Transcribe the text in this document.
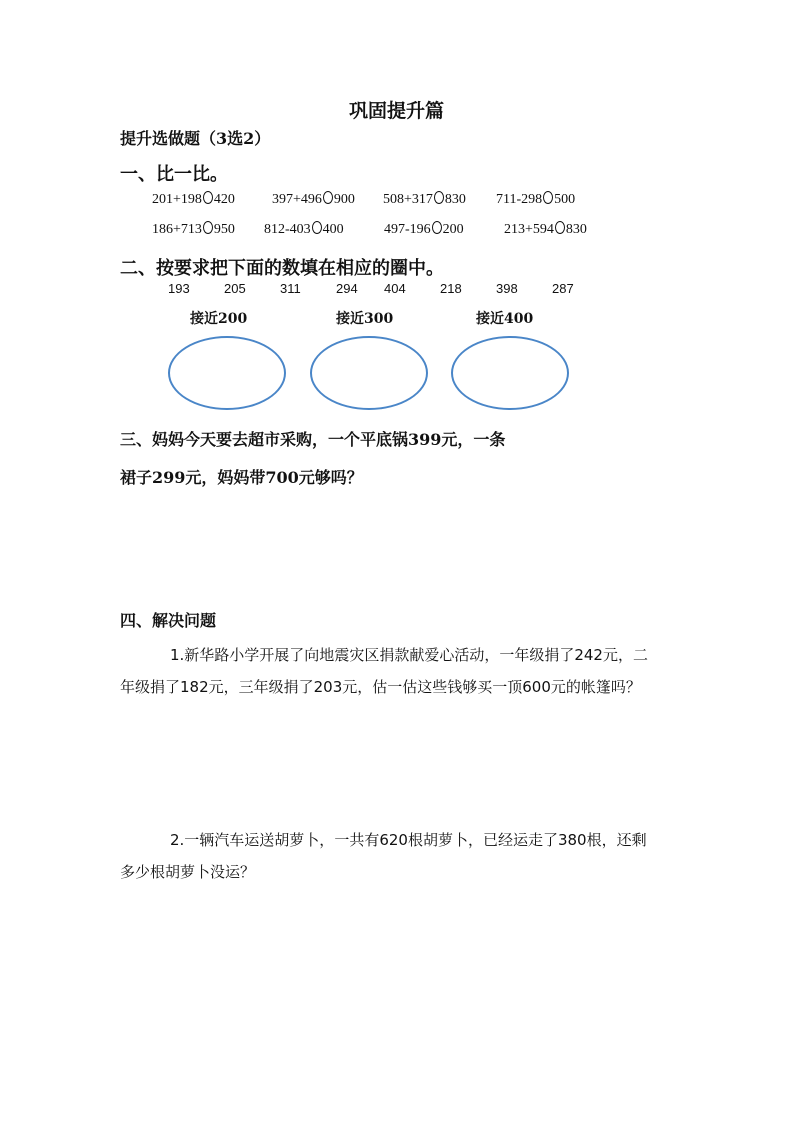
巩固提升篇
提升选做题（3选2）
一、比一比。
201+198 420	397+496 900 508+317 830 711-298 500
186+713 950 812-403 400	497-196 200	213+594 830
二、按要求把下面的数填在相应的圈中。
193	205	311	294 404	218	398	287
接近200	接近300	接近400
三、妈妈今天要去超市采购，一个平底锅399元，一条
裙子299元，妈妈带700元够吗？
四、解决问题
1.新华路小学开展了向地震灾区捐款献爱心活动，一年级捐了242元，二
年级捐了182元，三年级捐了203元，估一估这些钱够买一顶600元的帐篷吗？
2.一辆汽车运送胡萝卜，一共有620根胡萝卜，已经运走了380根，还剩
多少根胡萝卜没运？
